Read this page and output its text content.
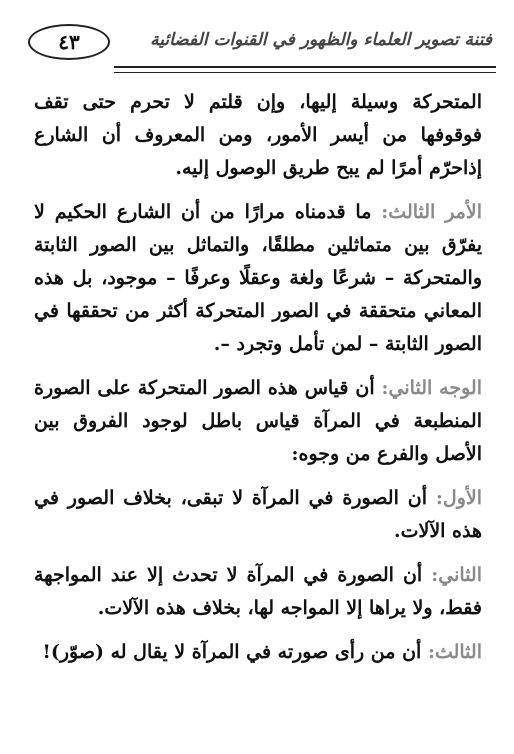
٤٣	فتنة تصوير العلماء والظهور في القنوات الفضائية

المتحركة وسيلة إليها، وإن قلتم لا تحرم حتى تقف فوقوفها من أيسر الأمور، ومن المعروف أن الشارع إذاحرّم أمرًا لم يبح طريق الوصول إليه.

الأمر الثالث: ما قدمناه مرارًا من أن الشارع الحكيم لا يفرّق بين متماثلين مطلقًا، والتماثل بين الصور الثابتة والمتحركة – شرعًا ولغة وعقلًا وعرفًا – موجود، بل هذه المعاني متحققة في الصور المتحركة أكثر من تحققها في الصور الثابتة – لمن تأمل وتجرد –.

الوجه الثاني: أن قياس هذه الصور المتحركة على الصورة المنطبعة في المرآة قياس باطل لوجود الفروق بين الأصل والفرع من وجوه:

الأول: أن الصورة في المرآة لا تبقى، بخلاف الصور في هذه الآلات.

الثاني: أن الصورة في المرآة لا تحدث إلا عند المواجهة فقط، ولا يراها إلا المواجه لها، بخلاف هذه الآلات.

الثالث: أن من رأى صورته في المرآة لا يقال له (صوّر)!
